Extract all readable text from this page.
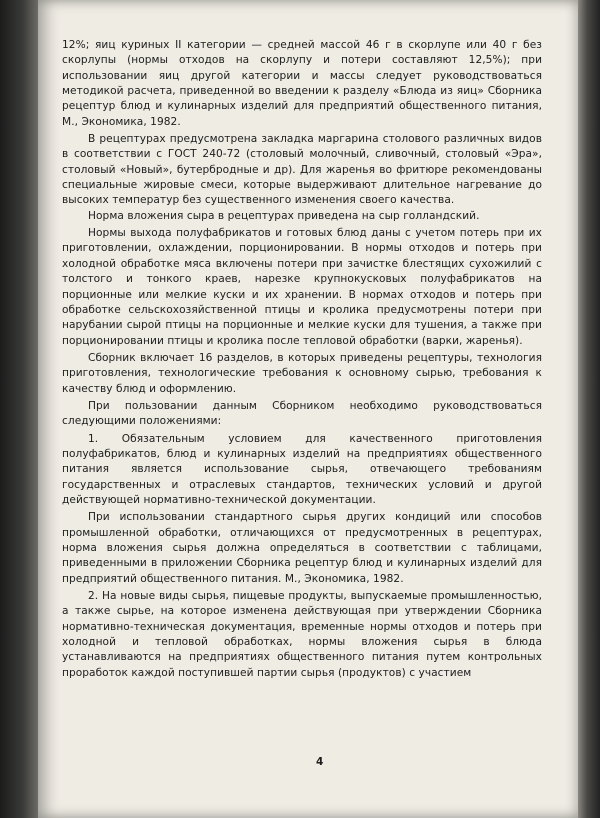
12%; яиц куриных II категории — средней массой 46 г в скорлупе или 40 г без скорлупы (нормы отходов на скорлупу и потери составляют 12,5%); при использовании яиц другой категории и массы следует руководствоваться методикой расчета, приведенной во введении к разделу «Блюда из яиц» Сборника рецептур блюд и кулинарных изделий для предприятий общественного питания, М., Экономика, 1982.

В рецептурах предусмотрена закладка маргарина столового различных видов в соответствии с ГОСТ 240-72 (столовый молочный, сливочный, столовый «Эра», столовый «Новый», бутербродные и др). Для жаренья во фритюре рекомендованы специальные жировые смеси, которые выдерживают длительное нагревание до высоких температур без существенного изменения своего качества.

Норма вложения сыра в рецептурах приведена на сыр голландский.

Нормы выхода полуфабрикатов и готовых блюд даны с учетом потерь при их приготовлении, охлаждении, порционировании. В нормы отходов и потерь при холодной обработке мяса включены потери при зачистке блестящих сухожилий с толстого и тонкого краев, нарезке крупнокусковых полуфабрикатов на порционные или мелкие куски и их хранении. В нормах отходов и потерь при обработке сельскохозяйственной птицы и кролика предусмотрены потери при нарубании сырой птицы на порционные и мелкие куски для тушения, а также при порционировании птицы и кролика после тепловой обработки (варки, жаренья).

Сборник включает 16 разделов, в которых приведены рецептуры, технология приготовления, технологические требования к основному сырью, требования к качеству блюд и оформлению.

При пользовании данным Сборником необходимо руководствоваться следующими положениями:

1. Обязательным условием для качественного приготовления полуфабрикатов, блюд и кулинарных изделий на предприятиях общественного питания является использование сырья, отвечающего требованиям государственных и отраслевых стандартов, технических условий и другой действующей нормативно-технической документации.

При использовании стандартного сырья других кондиций или способов промышленной обработки, отличающихся от предусмотренных в рецептурах, норма вложения сырья должна определяться в соответствии с таблицами, приведенными в приложении Сборника рецептур блюд и кулинарных изделий для предприятий общественного питания. М., Экономика, 1982.

2. На новые виды сырья, пищевые продукты, выпускаемые промышленностью, а также сырье, на которое изменена действующая при утверждении Сборника нормативно-техническая документация, временные нормы отходов и потерь при холодной и тепловой обработках, нормы вложения сырья в блюда устанавливаются на предприятиях общественного питания путем контрольных проработок каждой поступившей партии сырья (продуктов) с участием

4
